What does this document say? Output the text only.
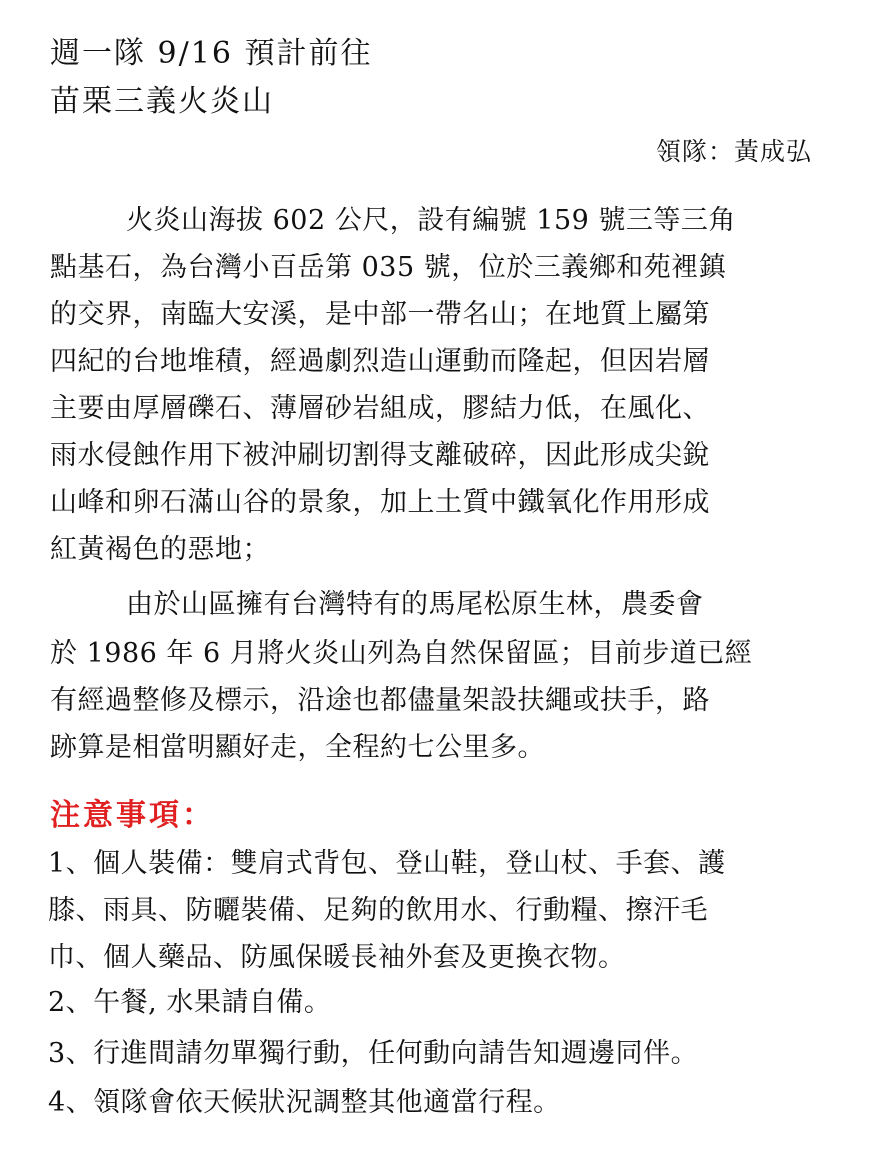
週一隊 9/16 預計前往
苗栗三義火炎山
領隊：黃成弘
火炎山海拔 602 公尺，設有編號 159 號三等三角
點基石，為台灣小百岳第 035 號，位於三義鄉和苑裡鎮
的交界，南臨大安溪，是中部一帶名山；在地質上屬第
四紀的台地堆積，經過劇烈造山運動而隆起，但因岩層
主要由厚層礫石、薄層砂岩組成，膠結力低，在風化、
雨水侵蝕作用下被沖刷切割得支離破碎，因此形成尖銳
山峰和卵石滿山谷的景象，加上土質中鐵氧化作用形成
紅黃褐色的惡地；
由於山區擁有台灣特有的馬尾松原生林，農委會
於 1986 年 6 月將火炎山列為自然保留區；目前步道已經
有經過整修及標示，沿途也都儘量架設扶繩或扶手，路
跡算是相當明顯好走，全程約七公里多。
注意事項：
1、個人裝備：雙肩式背包、登山鞋，登山杖、手套、護
膝、雨具、防曬裝備、足夠的飲用水、行動糧、擦汗毛
巾、個人藥品、防風保暖長袖外套及更換衣物。
2、午餐, 水果請自備。
3、行進間請勿單獨行動，任何動向請告知週邊同伴。
4、領隊會依天候狀況調整其他適當行程。
